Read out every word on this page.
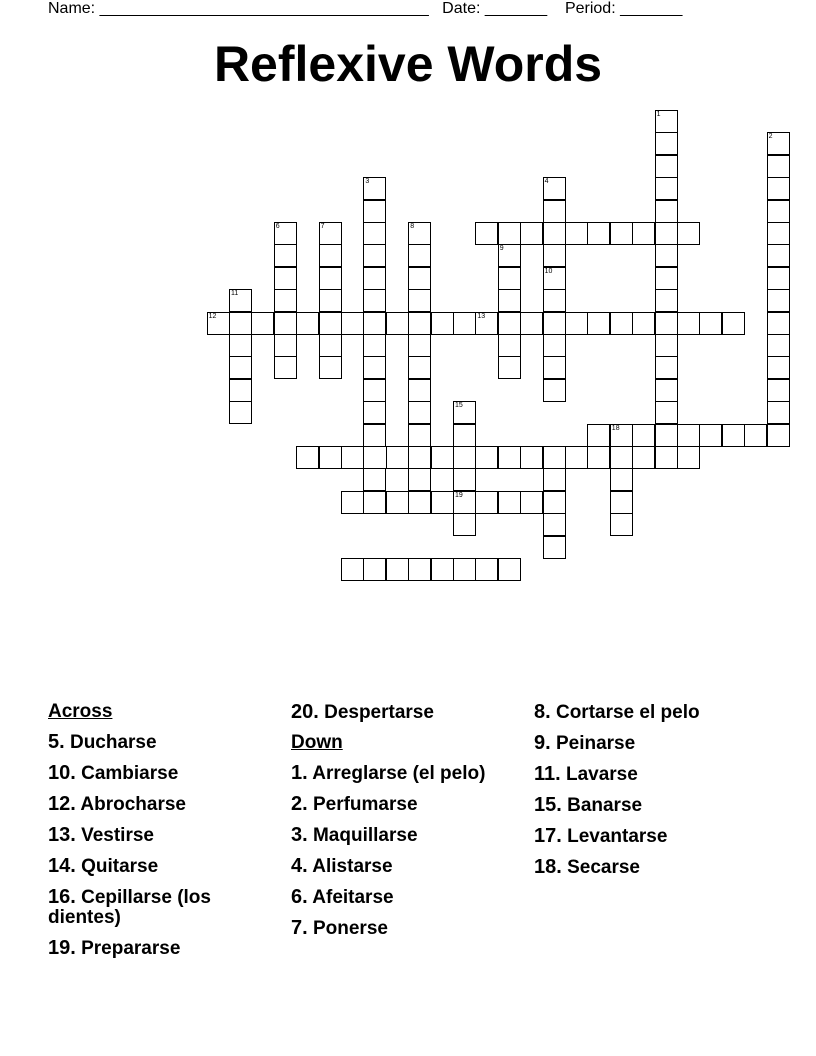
Name: _____________________________________ Date: _______ Period: _______
Reflexive Words
18
19
1
2
3	4
10
6	7	8
9
11
12	13
15
Across
5. Ducharse
10. Cambiarse
12. Abrocharse
13. Vestirse
14. Quitarse
16. Cepillarse (los dientes)
19. Prepararse
20. Despertarse
Down
1. Arreglarse (el pelo)
2. Perfumarse
3. Maquillarse
4. Alistarse
6. Afeitarse
7. Ponerse
8. Cortarse el pelo
9. Peinarse
11. Lavarse
15. Banarse
17. Levantarse
18. Secarse
